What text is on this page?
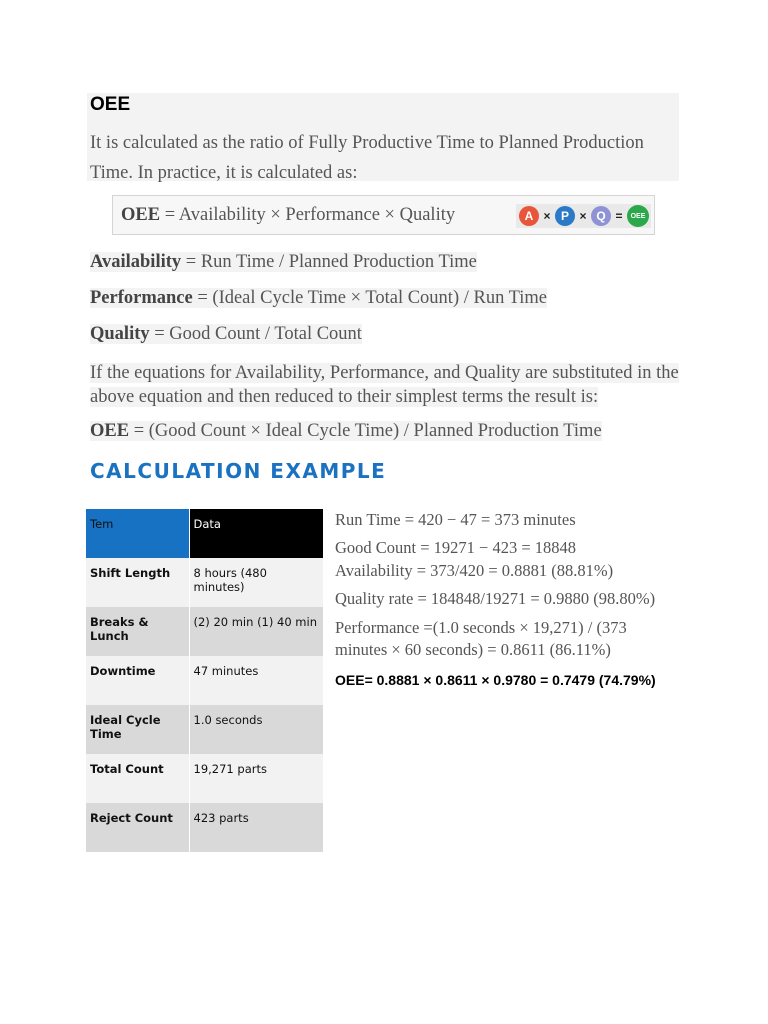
OEE

It is calculated as the ratio of Fully Productive Time to Planned Production Time. In practice, it is calculated as:

OEE = Availability × Performance × Quality	A × P × Q =	OEE

Availability = Run Time / Planned Production Time

Performance = (Ideal Cycle Time × Total Count) / Run Time

Quality = Good Count / Total Count

If the equations for Availability, Performance, and Quality are substituted in the above equation and then reduced to their simplest terms the result is:

OEE = (Good Count × Ideal Cycle Time) / Planned Production Time

CALCULATION EXAMPLE
Tem	Data
Shift Length	8 hours (480 minutes)
Breaks & Lunch	(2) 20 min (1) 40 min
Downtime	47 minutes
Ideal Cycle Time	1.0 seconds
Total Count	19,271 parts
Reject Count	423 parts

Run Time = 420 − 47 = 373 minutes

Good Count = 19271 − 423 = 18848

Availability = 373/420 = 0.8881 (88.81%)

Quality rate = 184848/19271 = 0.9880 (98.80%)

Performance =(1.0 seconds × 19,271) / (373

minutes × 60 seconds) = 0.8611 (86.11%)

OEE= 0.8881 × 0.8611 × 0.9780 = 0.7479 (74.79%)
